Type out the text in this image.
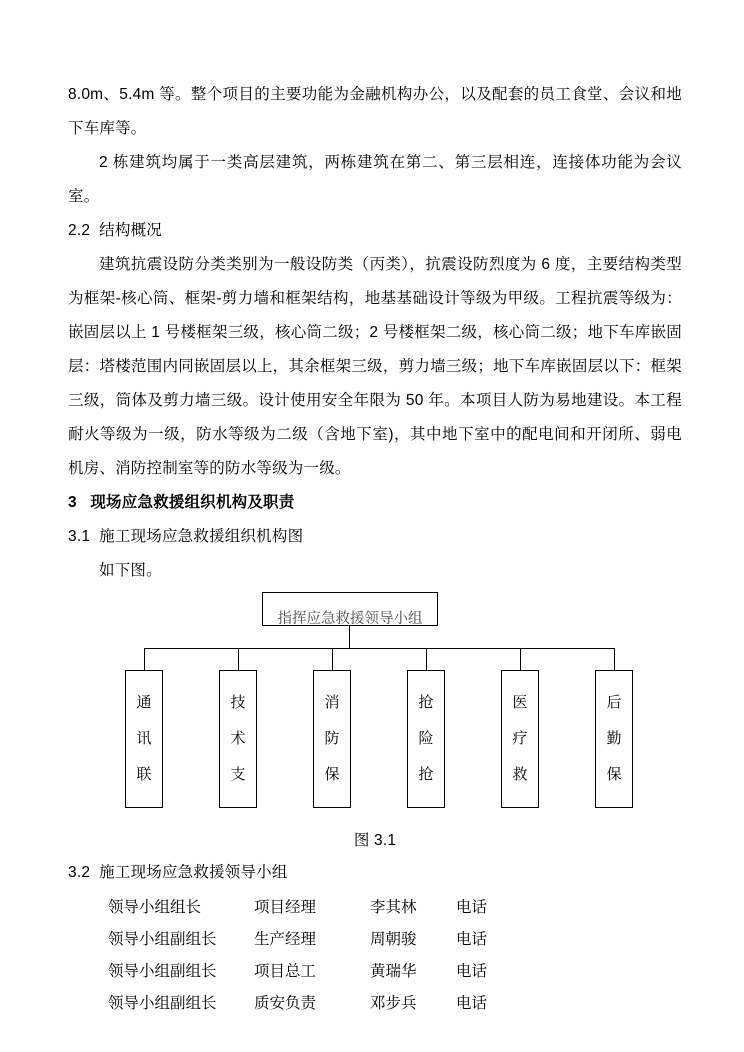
8.0m、5.4m 等。整个项目的主要功能为金融机构办公，以及配套的员工食堂、会议和地下车库等。

2 栋建筑均属于一类高层建筑，两栋建筑在第二、第三层相连，连接体功能为会议室。

2.2 结构概况

建筑抗震设防分类类别为一般设防类（丙类），抗震设防烈度为 6 度，主要结构类型为框架-核心筒、框架-剪力墙和框架结构，地基基础设计等级为甲级。工程抗震等级为：嵌固层以上 1 号楼框架三级，核心筒二级；2 号楼框架二级，核心筒二级；地下车库嵌固层：塔楼范围内同嵌固层以上，其余框架三级，剪力墙三级；地下车库嵌固层以下：框架三级，筒体及剪力墙三级。设计使用安全年限为 50 年。本项目人防为易地建设。本工程耐火等级为一级，防水等级为二级（含地下室)，其中地下室中的配电间和开闭所、弱电机房、消防控制室等的防水等级为一级。

3 现场应急救援组织机构及职责

3.1 施工现场应急救援组织机构图

如下图。

指挥应急救援领导小组
通
讯
联
技
术
支
消
防
保
抢
险
抢
医
疗
救
后
勤
保

图 3.1

3.2 施工现场应急救援领导小组

领导小组组长	项目经理	李其林	电话
领导小组副组长	生产经理	周朝骏	电话
领导小组副组长	项目总工	黄瑞华	电话
领导小组副组长	质安负责	邓步兵	电话
